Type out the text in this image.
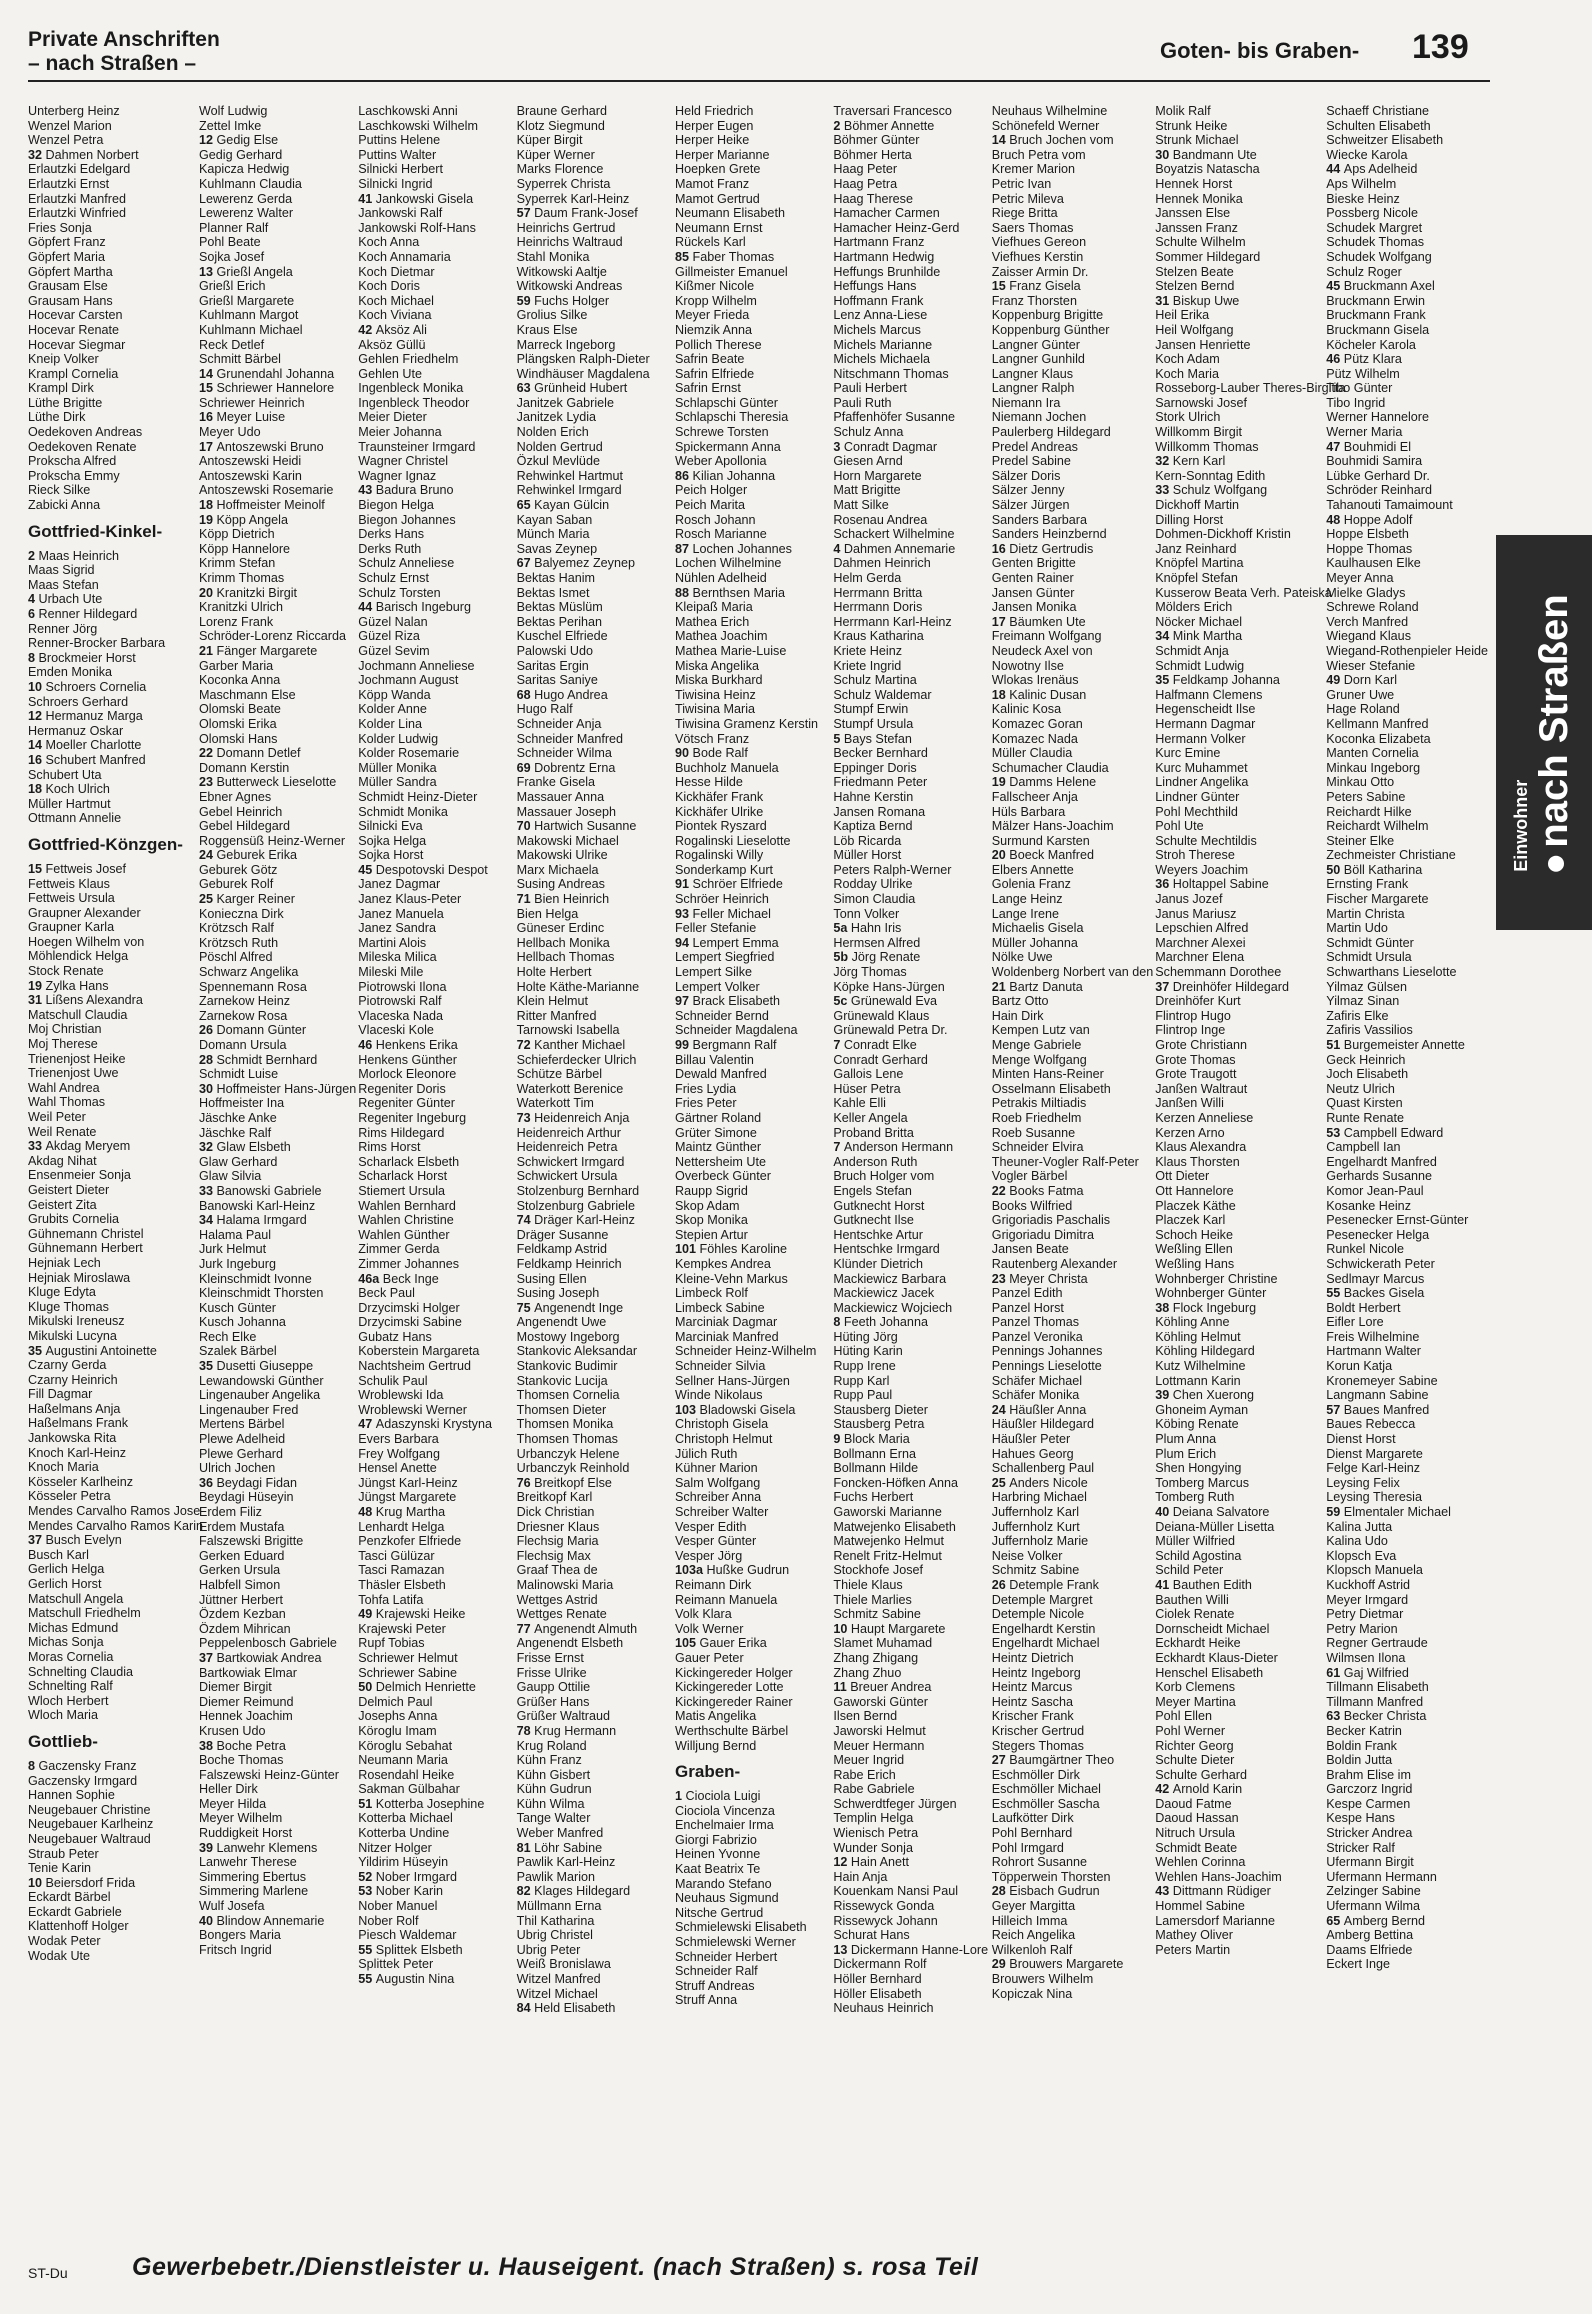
Private Anschriften
– nach Straßen –
Goten- bis Graben- 139
Unterberg Heinz
Wenzel Marion
Wenzel Petra
32 Dahmen Norbert
Erlautzki Edelgard
Erlautzki Ernst
Erlautzki Manfred
Erlautzki Winfried
Fries Sonja
Göpfert Franz
Göpfert Maria
Göpfert Martha
Grausam Else
Grausam Hans
Hocevar Carsten
Hocevar Renate
Hocevar Siegmar
Kneip Volker
Krampl Cornelia
Krampl Dirk
Lüthe Brigitte
Lüthe Dirk
Oedekoven Andreas
Oedekoven Renate
Prokscha Alfred
Prokscha Emmy
Rieck Silke
Zabicki Anna
Gottfried-Kinkel-
2 Maas Heinrich
Maas Sigrid
Maas Stefan
4 Urbach Ute
6 Renner Hildegard
Renner Jörg
Renner-Brocker Barbara
8 Brockmeier Horst
Emden Monika
10 Schroers Cornelia
Schroers Gerhard
12 Hermanuz Marga
Hermanuz Oskar
14 Moeller Charlotte
16 Schubert Manfred
Schubert Uta
18 Koch Ulrich
Müller Hartmut
Ottmann Annelie
Gottfried-Könzgen-
15 Fettweis Josef
Fettweis Klaus
Fettweis Ursula
Graupner Alexander
Graupner Karla
Hoegen Wilhelm von
Möhlendick Helga
Stock Renate
19 Zylka Hans
31 Lißens Alexandra
Matschull Claudia
Moj Christian
Moj Therese
Trienenjost Heike
Trienenjost Uwe
Wahl Andrea
Wahl Thomas
Weil Peter
Weil Renate
33 Akdag Meryem
Akdag Nihat
Ensenmeier Sonja
Geistert Dieter
Geistert Zita
Grubits Cornelia
Gühnemann Christel
Gühnemann Herbert
Hejniak Lech
Hejniak Miroslawa
Kluge Edyta
Kluge Thomas
Mikulski Ireneusz
Mikulski Lucyna
35 Augustini Antoinette
Czarny Gerda
Czarny Heinrich
Fill Dagmar
Haßelmans Anja
Haßelmans Frank
Jankowska Rita
Knoch Karl-Heinz
Knoch Maria
Kösseler Karlheinz
Kösseler Petra
Mendes Carvalho Ramos Jose
Mendes Carvalho Ramos Karin
37 Busch Evelyn
Busch Karl
Gerlich Helga
Gerlich Horst
Matschull Angela
Matschull Friedhelm
Michas Edmund
Michas Sonja
Moras Cornelia
Schnelting Claudia
Schnelting Ralf
Wloch Herbert
Wloch Maria
Gottlieb-
8 Gaczensky Franz
Gaczensky Irmgard
Hannen Sophie
Neugebauer Christine
Neugebauer Karlheinz
Neugebauer Waltraud
Straub Peter
Tenie Karin
10 Beiersdorf Frida
Eckardt Bärbel
Eckardt Gabriele
Klattenhoff Holger
Wodak Peter
Wodak Ute
Wolf Ludwig
Zettel Imke
12 Gedig Else
Gedig Gerhard
Kapicza Hedwig
Kuhlmann Claudia
Lewerenz Gerda
Lewerenz Walter
Planner Ralf
Pohl Beate
Sojka Josef
13 Grießl Angela
Grießl Erich
Grießl Margarete
Kuhlmann Margot
Kuhlmann Michael
Reck Detlef
Schmitt Bärbel
14 Grunendahl Johanna
15 Schriewer Hannelore
Schriewer Heinrich
16 Meyer Luise
Meyer Udo
17 Antoszewski Bruno
Antoszewski Heidi
Antoszewski Karin
Antoszewski Rosemarie
18 Hoffmeister Meinolf
19 Köpp Angela
Köpp Dietrich
Köpp Hannelore
Krimm Stefan
Krimm Thomas
20 Kranitzki Birgit
Kranitzki Ulrich
Lorenz Frank
Schröder-Lorenz Riccarda
21 Fänger Margarete
Garber Maria
Koconka Anna
Maschmann Else
Olomski Beate
Olomski Erika
Olomski Hans
22 Domann Detlef
Domann Kerstin
23 Butterweck Lieselotte
Ebner Agnes
Gebel Heinrich
Gebel Hildegard
Roggensüß Heinz-Werner
24 Geburek Erika
Geburek Götz
Geburek Rolf
25 Karger Reiner
Konieczna Dirk
Krötzsch Ralf
Krötzsch Ruth
Pöschl Alfred
Schwarz Angelika
Spennemann Rosa
Zarnekow Heinz
Zarnekow Rosa
26 Domann Günter
Domann Ursula
28 Schmidt Bernhard
Schmidt Luise
30 Hoffmeister Hans-Jürgen
Hoffmeister Ina
Jäschke Anke
Jäschke Ralf
32 Glaw Elsbeth
Glaw Gerhard
Glaw Silvia
33 Banowski Gabriele
Banowski Karl-Heinz
34 Halama Irmgard
Halama Paul
Jurk Helmut
Jurk Ingeburg
Kleinschmidt Ivonne
Kleinschmidt Thorsten
Kusch Günter
Kusch Johanna
Rech Elke
Szalek Bärbel
35 Dusetti Giuseppe
Lewandowski Günther
Lingenauber Angelika
Lingenauber Fred
Mertens Bärbel
Plewe Adelheid
Plewe Gerhard
Ulrich Jochen
36 Beydagi Fidan
Beydagi Hüseyin
Erdem Filiz
Erdem Mustafa
Falszewski Brigitte
Gerken Eduard
Gerken Ursula
Halbfell Simon
Jüttner Herbert
Özdem Kezban
Özdem Mihrican
Peppelenbosch Gabriele
37 Bartkowiak Andrea
Bartkowiak Elmar
Diemer Birgit
Diemer Reimund
Hennek Joachim
Krusen Udo
38 Boche Petra
Boche Thomas
Falszewski Heinz-Günter
Heller Dirk
Meyer Hilda
Meyer Wilhelm
Ruddigkeit Horst
39 Lanwehr Klemens
Lanwehr Therese
Simmering Ebertus
Simmering Marlene
Wulf Josefa
40 Blindow Annemarie
Bongers Maria
Fritsch Ingrid
Laschkowski Anni
Laschkowski Wilhelm
Puttins Helene
Puttins Walter
Silnicki Herbert
Silnicki Ingrid
41 Jankowski Gisela
Jankowski Ralf
Jankowski Rolf-Hans
Koch Anna
Koch Annamaria
Koch Dietmar
Koch Doris
Koch Michael
Koch Viviana
42 Aksöz Ali
Aksöz Güllü
Gehlen Friedhelm
Gehlen Ute
Ingenbleck Monika
Ingenbleck Theodor
Meier Dieter
Meier Johanna
Traunsteiner Irmgard
Wagner Christel
Wagner Ignaz
43 Badura Bruno
Biegon Helga
Biegon Johannes
Derks Hans
Derks Ruth
Schulz Anneliese
Schulz Ernst
Schulz Torsten
44 Barisch Ingeburg
Güzel Nalan
Güzel Riza
Güzel Sevim
Jochmann Anneliese
Jochmann August
Köpp Wanda
Kolder Anne
Kolder Lina
Kolder Ludwig
Kolder Rosemarie
Müller Monika
Müller Sandra
Schmidt Heinz-Dieter
Schmidt Monika
Silnicki Eva
Sojka Helga
Sojka Horst
45 Despotovski Despot
Janez Dagmar
Janez Klaus-Peter
Janez Manuela
Janez Sandra
Martini Alois
Mileska Milica
Mileski Mile
Piotrowski Ilona
Piotrowski Ralf
Vlaceska Nada
Vlaceski Kole
46 Henkens Erika
Henkens Günther
Morlock Eleonore
Regeniter Doris
Regeniter Günter
Regeniter Ingeburg
Rims Hildegard
Rims Horst
Scharlack Elsbeth
Scharlack Horst
Stiemert Ursula
Wahlen Bernhard
Wahlen Christine
Wahlen Günther
Zimmer Gerda
Zimmer Johannes
46a Beck Inge
Beck Paul
Drzycimski Holger
Drzycimski Sabine
Gubatz Hans
Koberstein Margareta
Nachtsheim Gertrud
Schulik Paul
Wroblewski Ida
Wroblewski Werner
47 Adaszynski Krystyna
Evers Barbara
Frey Wolfgang
Hensel Anette
Jüngst Karl-Heinz
Jüngst Margarete
48 Krug Martha
Lenhardt Helga
Penzkofer Elfriede
Tasci Gülüzar
Tasci Ramazan
Thäsler Elsbeth
Tohfa Latifa
49 Krajewski Heike
Krajewski Peter
Rupf Tobias
Schriewer Helmut
Schriewer Sabine
50 Delmich Henriette
Delmich Paul
Josephs Anna
Köroglu Imam
Köroglu Sebahat
Neumann Maria
Rosendahl Heike
Sakman Gülbahar
51 Kotterba Josephine
Kotterba Michael
Kotterba Undine
Nitzer Holger
Yildirim Hüseyin
52 Nober Irmgard
53 Nober Karin
Nober Manuel
Nober Rolf
Piesch Waldemar
55 Splittek Elsbeth
Splittek Peter
55 Augustin Nina
Braune Gerhard
Klotz Siegmund
Küper Birgit
Küper Werner
Marks Florence
Syperrek Christa
Syperrek Karl-Heinz
57 Daum Frank-Josef
Heinrichs Gertrud
Heinrichs Waltraud
Stahl Monika
Witkowski Aaltje
Witkowski Andreas
59 Fuchs Holger
Grolius Silke
Kraus Else
Marreck Ingeborg
Plängsken Ralph-Dieter
Windhäuser Magdalena
63 Grünheid Hubert
Janitzek Gabriele
Janitzek Lydia
Nolden Erich
Nolden Gertrud
Özkul Mevlüde
Rehwinkel Hartmut
Rehwinkel Irmgard
65 Kayan Gülcin
Kayan Saban
Münch Maria
Savas Zeynep
67 Balyemez Zeynep
Bektas Hanim
Bektas Ismet
Bektas Müslüm
Bektas Perihan
Kuschel Elfriede
Palowski Udo
Saritas Ergin
Saritas Saniye
68 Hugo Andrea
Hugo Ralf
Schneider Anja
Schneider Manfred
Schneider Wilma
69 Dobrentz Erna
Franke Gisela
Massauer Anna
Massauer Joseph
70 Hartwich Susanne
Makowski Michael
Makowski Ulrike
Marx Michaela
Susing Andreas
71 Bien Heinrich
Bien Helga
Güneser Erdinc
Hellbach Monika
Hellbach Thomas
Holte Herbert
Holte Käthe-Marianne
Klein Helmut
Ritter Manfred
Tarnowski Isabella
72 Kanther Michael
Schieferdecker Ulrich
Schütze Bärbel
Waterkott Berenice
Waterkott Tim
73 Heidenreich Anja
Heidenreich Arthur
Heidenreich Petra
Schwickert Irmgard
Schwickert Ursula
Stolzenburg Bernhard
Stolzenburg Gabriele
74 Dräger Karl-Heinz
Dräger Susanne
Feldkamp Astrid
Feldkamp Heinrich
Susing Ellen
Susing Joseph
75 Angenendt Inge
Angenendt Uwe
Mostowy Ingeborg
Stankovic Aleksandar
Stankovic Budimir
Stankovic Lucija
Thomsen Cornelia
Thomsen Dieter
Thomsen Monika
Thomsen Thomas
Urbanczyk Helene
Urbanczyk Reinhold
76 Breitkopf Else
Breitkopf Karl
Dick Christian
Driesner Klaus
Flechsig Maria
Flechsig Max
Graaf Thea de
Malinowski Maria
Wettges Astrid
Wettges Renate
77 Angenendt Almuth
Angenendt Elsbeth
Frisse Ernst
Frisse Ulrike
Gaupp Ottilie
Grüßer Hans
Grüßer Waltraud
78 Krug Hermann
Krug Roland
Kühn Franz
Kühn Gisbert
Kühn Gudrun
Kühn Wilma
Tange Walter
Weber Manfred
81 Löhr Sabine
Pawlik Karl-Heinz
Pawlik Marion
82 Klages Hildegard
Müllmann Erna
Thil Katharina
Ubrig Christel
Ubrig Peter
Weiß Bronislawa
Witzel Manfred
Witzel Michael
84 Held Elisabeth
Held Friedrich
Herper Eugen
Herper Heike
Herper Marianne
Hoepken Grete
Mamot Franz
Mamot Gertrud
Neumann Elisabeth
Neumann Ernst
Rückels Karl
85 Faber Thomas
Gillmeister Emanuel
Kißmer Nicole
Kropp Wilhelm
Meyer Frieda
Niemzik Anna
Pollich Therese
Safrin Beate
Safrin Elfriede
Safrin Ernst
Schlapschi Günter
Schlapschi Theresia
Schrewe Torsten
Spickermann Anna
Weber Apollonia
86 Kilian Johanna
Peich Holger
Peich Marita
Rosch Johann
Rosch Marianne
87 Lochen Johannes
Lochen Wilhelmine
Nühlen Adelheid
88 Bernthsen Maria
Kleipaß Maria
Mathea Erich
Mathea Joachim
Mathea Marie-Luise
Miska Angelika
Miska Burkhard
Tiwisina Heinz
Tiwisina Maria
Tiwisina Gramenz Kerstin
Vötsch Franz
90 Bode Ralf
Buchholz Manuela
Hesse Hilde
Kickhäfer Frank
Kickhäfer Ulrike
Piontek Ryszard
Rogalinski Lieselotte
Rogalinski Willy
Sonderkamp Kurt
91 Schröer Elfriede
Schröer Heinrich
93 Feller Michael
Feller Stefanie
94 Lempert Emma
Lempert Siegfried
Lempert Silke
Lempert Volker
97 Brack Elisabeth
Schneider Bernd
Schneider Magdalena
99 Bergmann Ralf
Billau Valentin
Dewald Manfred
Fries Lydia
Fries Peter
Gärtner Roland
Grüter Simone
Maintz Günther
Nettersheim Ute
Overbeck Günter
Raupp Sigrid
Skop Adam
Skop Monika
Stepien Artur
101 Föhles Karoline
Kempkes Andrea
Kleine-Vehn Markus
Limbeck Rolf
Limbeck Sabine
Marciniak Dagmar
Marciniak Manfred
Schneider Heinz-Wilhelm
Schneider Silvia
Sellner Hans-Jürgen
Winde Nikolaus
103 Bladowski Gisela
Christoph Gisela
Christoph Helmut
Jülich Ruth
Kühner Marion
Salm Wolfgang
Schreiber Anna
Schreiber Walter
Vesper Edith
Vesper Günter
Vesper Jörg
103a Hußke Gudrun
Reimann Dirk
Reimann Manuela
Volk Klara
Volk Werner
105 Gauer Erika
Gauer Peter
Kickingereder Holger
Kickingereder Lotte
Kickingereder Rainer
Matis Angelika
Werthschulte Bärbel
Willjung Bernd
Graben-
1 Ciociola Luigi
Ciociola Vincenza
Enchelmaier Irma
Giorgi Fabrizio
Heinen Yvonne
Kaat Beatrix Te
Marando Stefano
Neuhaus Sigmund
Nitsche Gertrud
Schmielewski Elisabeth
Schmielewski Werner
Schneider Herbert
Schneider Ralf
Struff Andreas
Struff Anna
Traversari Francesco
2 Böhmer Annette
Böhmer Günter
Böhmer Herta
Haag Peter
Haag Petra
Haag Therese
Hamacher Carmen
Hamacher Heinz-Gerd
Hartmann Franz
Hartmann Hedwig
Heffungs Brunhilde
Heffungs Hans
Hoffmann Frank
Lenz Anna-Liese
Michels Marcus
Michels Marianne
Michels Michaela
Nitschmann Thomas
Pauli Herbert
Pauli Ruth
Pfaffenhöfer Susanne
Schulz Anna
3 Conradt Dagmar
Giesen Arnd
Horn Margarete
Matt Brigitte
Matt Silke
Rosenau Andrea
Schackert Wilhelmine
4 Dahmen Annemarie
Dahmen Heinrich
Helm Gerda
Herrmann Britta
Herrmann Doris
Herrmann Karl-Heinz
Kraus Katharina
Kriete Heinz
Kriete Ingrid
Schulz Martina
Schulz Waldemar
Stumpf Erwin
Stumpf Ursula
5 Bays Stefan
Becker Bernhard
Eppinger Doris
Friedmann Peter
Hahne Kerstin
Jansen Romana
Kaptiza Bernd
Löb Ricarda
Müller Horst
Peters Ralph-Werner
Rodday Ulrike
Simon Claudia
Tonn Volker
5a Hahn Iris
Hermsen Alfred
5b Jörg Renate
Jörg Thomas
Köpke Hans-Jürgen
5c Grünewald Eva
Grünewald Klaus
Grünewald Petra Dr.
7 Conradt Elke
Conradt Gerhard
Gallois Lene
Hüser Petra
Kahle Elli
Keller Angela
Proband Britta
7 Anderson Hermann
Anderson Ruth
Bruch Holger vom
Engels Stefan
Gutknecht Horst
Gutknecht Ilse
Hentschke Artur
Hentschke Irmgard
Klünder Dietrich
Mackiewicz Barbara
Mackiewicz Jacek
Mackiewicz Wojciech
8 Feeth Johanna
Hüting Jörg
Hüting Karin
Rupp Irene
Rupp Karl
Rupp Paul
Stausberg Dieter
Stausberg Petra
9 Block Maria
Bollmann Erna
Bollmann Hilde
Foncken-Höfken Anna
Fuchs Herbert
Gaworski Marianne
Matwejenko Elisabeth
Matwejenko Helmut
Renelt Fritz-Helmut
Stockhofe Josef
Thiele Klaus
Thiele Marlies
Schmitz Sabine
10 Haupt Margarete
Slamet Muhamad
Zhang Zhigang
Zhang Zhuo
11 Breuer Andrea
Gaworski Günter
Ilsen Bernd
Jaworski Helmut
Meuer Hermann
Meuer Ingrid
Rabe Erich
Rabe Gabriele
Schwerdtfeger Jürgen
Templin Helga
Wienisch Petra
Wunder Sonja
12 Hain Anett
Hain Anja
Kouenkam Nansi Paul
Rissewyck Gonda
Rissewyck Johann
Schurat Hans
13 Dickermann Hanne-Lore
Dickermann Rolf
Höller Bernhard
Höller Elisabeth
Neuhaus Heinrich
Neuhaus Wilhelmine
Schönefeld Werner
14 Bruch Jochen vom
Bruch Petra vom
Kremer Marion
Petric Ivan
Petric Mileva
Riege Britta
Saers Thomas
Viefhues Gereon
Viefhues Kerstin
Zaisser Armin Dr.
15 Franz Gisela
Franz Thorsten
Koppenburg Brigitte
Koppenburg Günther
Langner Günter
Langner Gunhild
Langner Klaus
Langner Ralph
Niemann Ira
Niemann Jochen
Paulerberg Hildegard
Predel Andreas
Predel Sabine
Sälzer Doris
Sälzer Jenny
Sälzer Jürgen
Sanders Barbara
Sanders Heinzbernd
16 Dietz Gertrudis
Genten Brigitte
Genten Rainer
Jansen Günter
Jansen Monika
17 Bäumken Ute
Freimann Wolfgang
Neudeck Axel von
Nowotny Ilse
Wlokas Irenäus
18 Kalinic Dusan
Kalinic Kosa
Komazec Goran
Komazec Nada
Müller Claudia
Schumacher Claudia
19 Damms Helene
Fallscheer Anja
Hüls Barbara
Mälzer Hans-Joachim
Surmund Karsten
20 Boeck Manfred
Elbers Annette
Golenia Franz
Lange Heinz
Lange Irene
Michaelis Gisela
Müller Johanna
Nölke Uwe
Woldenberg Norbert van den
21 Bartz Danuta
Bartz Otto
Hain Dirk
Kempen Lutz van
Menge Gabriele
Menge Wolfgang
Minten Hans-Reiner
Osselmann Elisabeth
Petrakis Miltiadis
Roeb Friedhelm
Roeb Susanne
Schneider Elvira
Theuner-Vogler Ralf-Peter
Vogler Bärbel
22 Books Fatma
Books Wilfried
Grigoriadis Paschalis
Grigoriadu Dimitra
Jansen Beate
Rautenberg Alexander
23 Meyer Christa
Panzel Edith
Panzel Horst
Panzel Thomas
Panzel Veronika
Pennings Johannes
Pennings Lieselotte
Schäfer Michael
Schäfer Monika
24 Häußler Anna
Häußler Hildegard
Häußler Peter
Hahues Georg
Schallenberg Paul
25 Anders Nicole
Harbring Michael
Juffernholz Karl
Juffernholz Kurt
Juffernholz Marie
Neise Volker
Schmitz Sabine
26 Detemple Frank
Detemple Margret
Detemple Nicole
Engelhardt Kerstin
Engelhardt Michael
Heintz Dietrich
Heintz Ingeborg
Heintz Marcus
Heintz Sascha
Krischer Frank
Krischer Gertrud
Stegers Thomas
27 Baumgärtner Theo
Eschmöller Dirk
Eschmöller Michael
Eschmöller Sascha
Laufkötter Dirk
Pohl Bernhard
Pohl Irmgard
Rohrort Susanne
Töpperwein Thorsten
28 Eisbach Gudrun
Geyer Margitta
Hilleich Imma
Reich Angelika
Wilkenloh Ralf
29 Brouwers Margarete
Brouwers Wilhelm
Kopiczak Nina
Molik Ralf
Strunk Heike
Strunk Michael
30 Bandmann Ute
Boyatzis Natascha
Hennek Horst
Hennek Monika
Janssen Else
Janssen Franz
Schulte Wilhelm
Sommer Hildegard
Stelzen Beate
Stelzen Bernd
31 Biskup Uwe
Heil Erika
Heil Wolfgang
Jansen Henriette
Koch Adam
Koch Maria
Rosseborg-Lauber Theres-Birgitta
Sarnowski Josef
Stork Ulrich
Willkomm Birgit
Willkomm Thomas
32 Kern Karl
Kern-Sonntag Edith
33 Schulz Wolfgang
Dickhoff Martin
Dilling Horst
Dohmen-Dickhoff Kristin
Janz Reinhard
Knöpfel Martina
Knöpfel Stefan
Kusserow Beata Verh. Pateiska
Mölders Erich
Nöcker Michael
34 Mink Martha
Schmidt Anja
Schmidt Ludwig
35 Feldkamp Johanna
Halfmann Clemens
Hegenscheidt Ilse
Hermann Dagmar
Hermann Volker
Kurc Emine
Kurc Muhammet
Lindner Angelika
Lindner Günter
Pohl Mechthild
Pohl Ute
Schulte Mechtildis
Stroh Therese
Weyers Joachim
36 Holtappel Sabine
Janus Jozef
Janus Mariusz
Lepschien Alfred
Marchner Alexei
Marchner Elena
Schemmann Dorothee
37 Dreinhöfer Hildegard
Dreinhöfer Kurt
Flintrop Hugo
Flintrop Inge
Grote Christiann
Grote Thomas
Grote Traugott
Janßen Waltraut
Janßen Willi
Kerzen Anneliese
Kerzen Arno
Klaus Alexandra
Klaus Thorsten
Ott Dieter
Ott Hannelore
Placzek Käthe
Placzek Karl
Schoch Heike
Weßling Ellen
Weßling Hans
Wohnberger Christine
Wohnberger Günter
38 Flock Ingeburg
Köhling Anne
Köhling Helmut
Köhling Hildegard
Kutz Wilhelmine
Lottmann Karin
39 Chen Xuerong
Ghoneim Ayman
Köbing Renate
Plum Anna
Plum Erich
Shen Hongying
Tomberg Marcus
Tomberg Ruth
40 Deiana Salvatore
Deiana-Müller Lisetta
Müller Wilfried
Schild Agostina
Schild Peter
41 Bauthen Edith
Bauthen Willi
Ciolek Renate
Dornscheidt Michael
Eckhardt Heike
Eckhardt Klaus-Dieter
Henschel Elisabeth
Korb Clemens
Meyer Martina
Pohl Ellen
Pohl Werner
Richter Georg
Schulte Dieter
Schulte Gerhard
42 Arnold Karin
Daoud Fatme
Daoud Hassan
Nitruch Ursula
Schmidt Beate
Wehlen Corinna
Wehlen Hans-Joachim
43 Dittmann Rüdiger
Hommel Sabine
Lamersdorf Marianne
Mathey Oliver
Peters Martin
Schaeff Christiane
Schulten Elisabeth
Schweitzer Elisabeth
Wiecke Karola
44 Aps Adelheid
Aps Wilhelm
Bieske Heinz
Possberg Nicole
Schudek Margret
Schudek Thomas
Schudek Wolfgang
Schulz Roger
45 Bruckmann Axel
Bruckmann Erwin
Bruckmann Frank
Bruckmann Gisela
Köcheler Karola
46 Pütz Klara
Pütz Wilhelm
Tibo Günter
Tibo Ingrid
Werner Hannelore
Werner Maria
47 Bouhmidi El
Bouhmidi Samira
Lübke Gerhard Dr.
Schröder Reinhard
Tahanouti Tamaimount
48 Hoppe Adolf
Hoppe Elsbeth
Hoppe Thomas
Kaulhausen Elke
Meyer Anna
Mielke Gladys
Schrewe Roland
Verch Manfred
Wiegand Klaus
Wiegand-Rothenpieler Heide
Wieser Stefanie
49 Dorn Karl
Gruner Uwe
Hage Roland
Kellmann Manfred
Koconka Elizabeta
Manten Cornelia
Minkau Ingeborg
Minkau Otto
Peters Sabine
Reichardt Hilke
Reichardt Wilhelm
Steiner Elke
Zechmeister Christiane
50 Böll Katharina
Ernsting Frank
Fischer Margarete
Martin Christa
Martin Udo
Schmidt Günter
Schmidt Ursula
Schwarthans Lieselotte
Yilmaz Gülsen
Yilmaz Sinan
Zafiris Elke
Zafiris Vassilios
51 Burgemeister Annette
Geck Heinrich
Joch Elisabeth
Neutz Ulrich
Quast Kirsten
Runte Renate
53 Campbell Edward
Campbell Ian
Engelhardt Manfred
Gerhards Susanne
Komor Jean-Paul
Kosanke Heinz
Pesenecker Ernst-Günter
Pesenecker Helga
Runkel Nicole
Schwickerath Peter
Sedlmayr Marcus
55 Backes Gisela
Boldt Herbert
Eifler Lore
Freis Wilhelmine
Hartmann Walter
Korun Katja
Kronemeyer Sabine
Langmann Sabine
57 Baues Manfred
Baues Rebecca
Dienst Horst
Dienst Margarete
Felge Karl-Heinz
Leysing Felix
Leysing Theresia
59 Elmentaler Michael
Kalina Jutta
Kalina Udo
Klopsch Eva
Klopsch Manuela
Kuckhoff Astrid
Meyer Irmgard
Petry Dietmar
Petry Marion
Regner Gertraude
Wilmsen Ilona
61 Gaj Wilfried
Tillmann Elisabeth
Tillmann Manfred
63 Becker Christa
Becker Katrin
Boldin Frank
Boldin Jutta
Brahm Elise im
Garczorz Ingrid
Kespe Carmen
Kespe Hans
Stricker Andrea
Stricker Ralf
Ufermann Birgit
Ufermann Hermann
Zelzinger Sabine
Ufermann Wilma
65 Amberg Bernd
Amberg Bettina
Daams Elfriede
Eckert Inge
Einwohner nach Straßen
ST-Du	Gewerbebetr./Dienstleister u. Hauseigent. (nach Straßen) s. rosa Teil
